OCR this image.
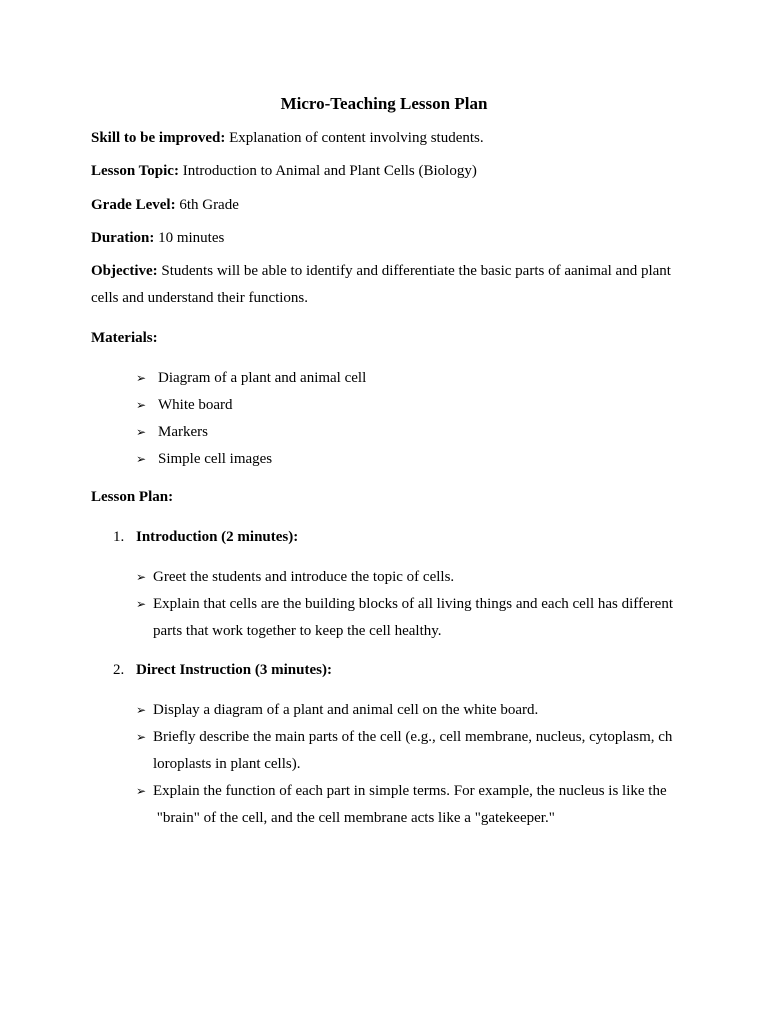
Micro-Teaching Lesson Plan

Skill to be improved: Explanation of content involving students.

Lesson Topic: Introduction to Animal and Plant Cells (Biology)

Grade Level: 6th Grade

Duration: 10 minutes

Objective: Students will be able to identify and differentiate the basic parts of aanimal and plant
cells and understand their functions.

Materials:

➢ Diagram of a plant and animal cell
➢ White board
➢ Markers
➢ Simple cell images

Lesson Plan:

1. Introduction (2 minutes):

➢ Greet the students and introduce the topic of cells.
➢ Explain that cells are the building blocks of all living things and each cell has different
parts that work together to keep the cell healthy.

2. Direct Instruction (3 minutes):

➢ Display a diagram of a plant and animal cell on the white board.
➢ Briefly describe the main parts of the cell (e.g., cell membrane, nucleus, cytoplasm, ch
loroplasts in plant cells).
➢ Explain the function of each part in simple terms. For example, the nucleus is like the
"brain" of the cell, and the cell membrane acts like a "gatekeeper."
